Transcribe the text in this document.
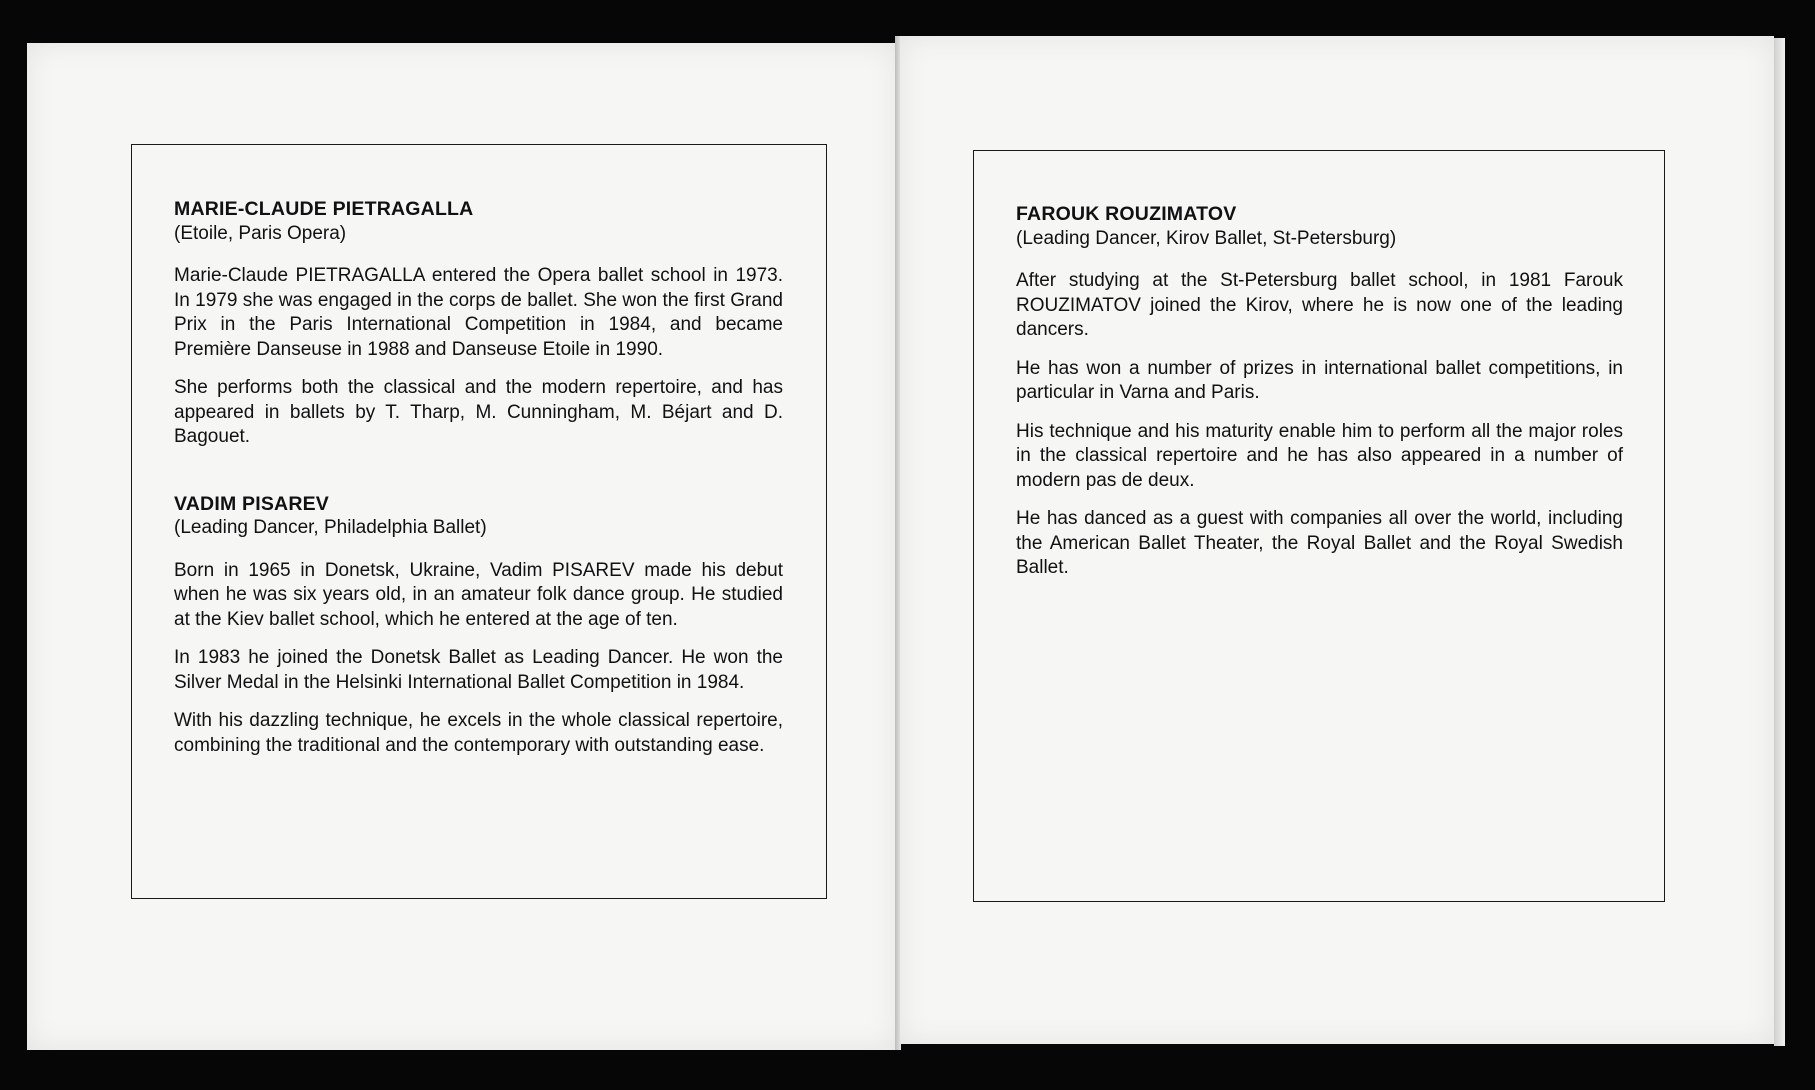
MARIE-CLAUDE PIETRAGALLA
(Etoile, Paris Opera)

Marie-Claude PIETRAGALLA entered the Opera ballet school in 1973. In 1979 she was engaged in the corps de ballet. She won the first Grand Prix in the Paris International Competition in 1984, and became Première Danseuse in 1988 and Danseuse Etoile in 1990.

She performs both the classical and the modern repertoire, and has appeared in ballets by T. Tharp, M. Cunningham, M. Béjart and D. Bagouet.

VADIM PISAREV
(Leading Dancer, Philadelphia Ballet)

Born in 1965 in Donetsk, Ukraine, Vadim PISAREV made his debut when he was six years old, in an amateur folk dance group. He studied at the Kiev ballet school, which he entered at the age of ten.

In 1983 he joined the Donetsk Ballet as Leading Dancer. He won the Silver Medal in the Helsinki International Ballet Competition in 1984.

With his dazzling technique, he excels in the whole classical repertoire, combining the traditional and the contemporary with outstanding ease.

FAROUK ROUZIMATOV
(Leading Dancer, Kirov Ballet, St-Petersburg)

After studying at the St-Petersburg ballet school, in 1981 Farouk ROUZIMATOV joined the Kirov, where he is now one of the leading dancers.

He has won a number of prizes in international ballet competitions, in particular in Varna and Paris.

His technique and his maturity enable him to perform all the major roles in the classical repertoire and he has also appeared in a number of modern pas de deux.

He has danced as a guest with companies all over the world, including the American Ballet Theater, the Royal Ballet and the Royal Swedish Ballet.
